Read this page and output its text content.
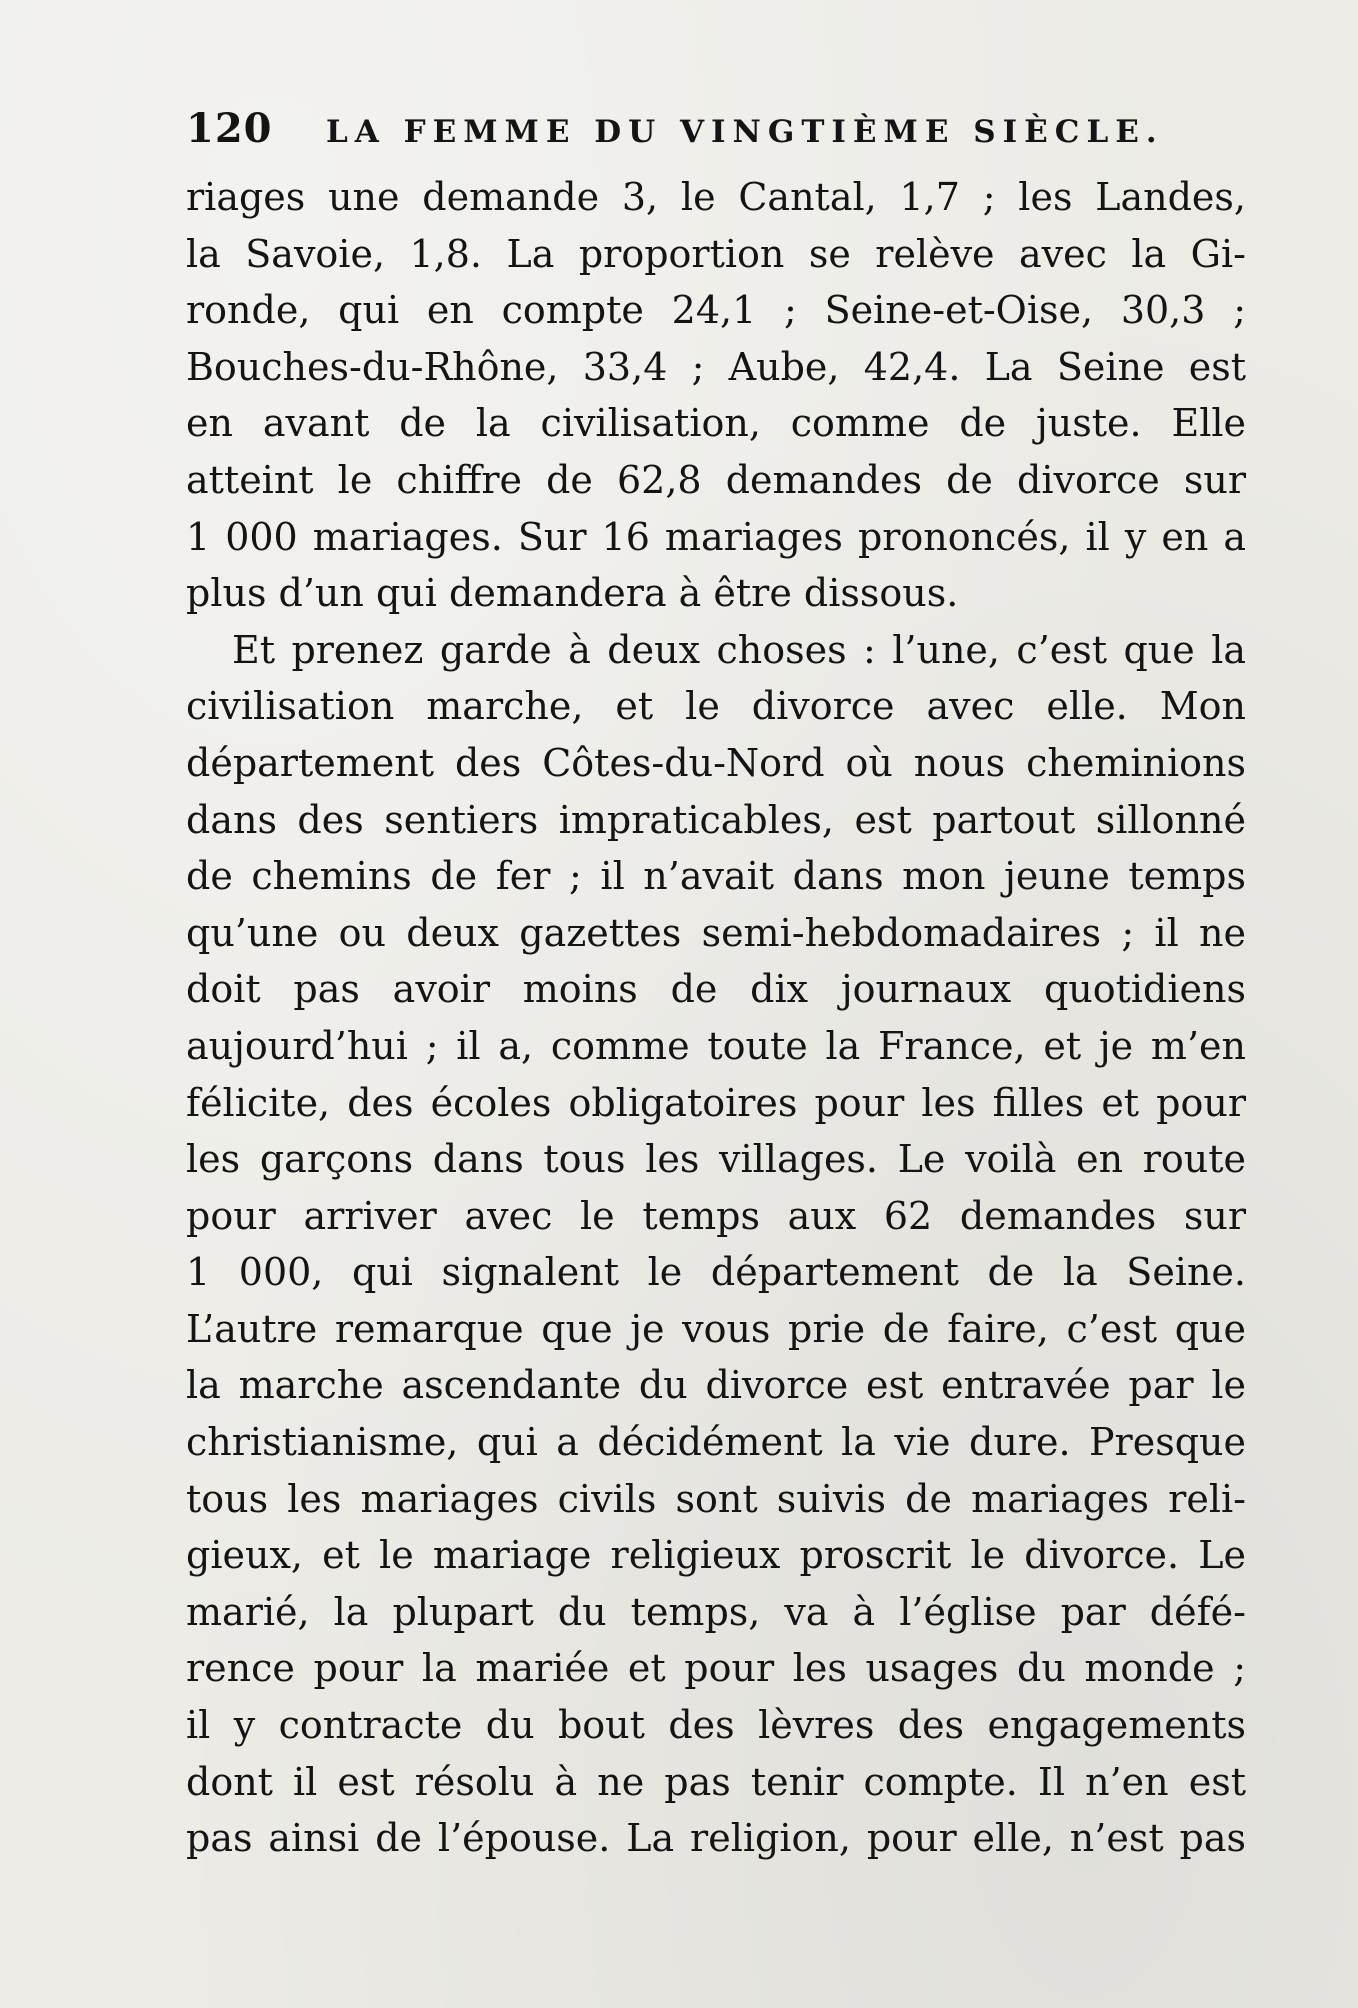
120 LA FEMME DU VINGTIÈME SIÈCLE.
riages une demande 3, le Cantal, 1,7 ; les Landes,
la Savoie, 1,8. La proportion se relève avec la Gi-
ronde, qui en compte 24,1 ; Seine-et-Oise, 30,3 ;
Bouches-du-Rhône, 33,4 ; Aube, 42,4. La Seine est
en avant de la civilisation, comme de juste. Elle
atteint le chiffre de 62,8 demandes de divorce sur
1 000 mariages. Sur 16 mariages prononcés, il y en a
plus d’un qui demandera à être dissous.
Et prenez garde à deux choses : l’une, c’est que la
civilisation marche, et le divorce avec elle. Mon
département des Côtes-du-Nord où nous cheminions
dans des sentiers impraticables, est partout sillonné
de chemins de fer ; il n’avait dans mon jeune temps
qu’une ou deux gazettes semi-hebdomadaires ; il ne
doit pas avoir moins de dix journaux quotidiens
aujourd’hui ; il a, comme toute la France, et je m’en
félicite, des écoles obligatoires pour les filles et pour
les garçons dans tous les villages. Le voilà en route
pour arriver avec le temps aux 62 demandes sur
1 000, qui signalent le département de la Seine.
L’autre remarque que je vous prie de faire, c’est que
la marche ascendante du divorce est entravée par le
christianisme, qui a décidément la vie dure. Presque
tous les mariages civils sont suivis de mariages reli-
gieux, et le mariage religieux proscrit le divorce. Le
marié, la plupart du temps, va à l’église par défé-
rence pour la mariée et pour les usages du monde ;
il y contracte du bout des lèvres des engagements
dont il est résolu à ne pas tenir compte. Il n’en est
pas ainsi de l’épouse. La religion, pour elle, n’est pas
